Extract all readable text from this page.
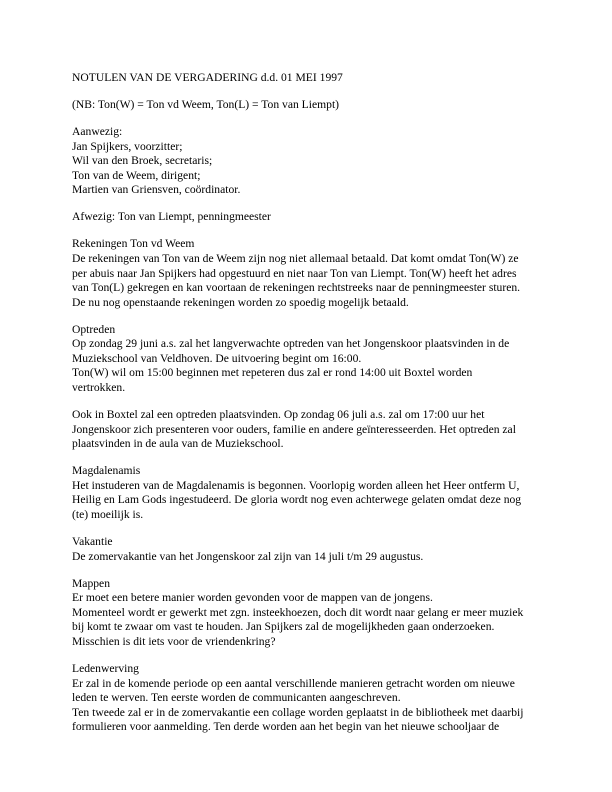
NOTULEN VAN DE VERGADERING d.d. 01 MEI 1997
(NB: Ton(W) = Ton vd Weem, Ton(L) = Ton van Liempt)
Aanwezig:
Jan Spijkers, voorzitter;
Wil van den Broek, secretaris;
Ton van de Weem, dirigent;
Martien van Griensven, coördinator.
Afwezig: Ton van Liempt, penningmeester
Rekeningen Ton vd Weem
De rekeningen van Ton van de Weem zijn nog niet allemaal betaald. Dat komt omdat Ton(W) ze
per abuis naar Jan Spijkers had opgestuurd en niet naar Ton van Liempt. Ton(W) heeft het adres
van Ton(L) gekregen en kan voortaan de rekeningen rechtstreeks naar de penningmeester sturen.
De nu nog openstaande rekeningen worden zo spoedig mogelijk betaald.
Optreden
Op zondag 29 juni a.s. zal het langverwachte optreden van het Jongenskoor plaatsvinden in de
Muziekschool van Veldhoven. De uitvoering begint om 16:00.
Ton(W) wil om 15:00 beginnen met repeteren dus zal er rond 14:00 uit Boxtel worden
vertrokken.
Ook in Boxtel zal een optreden plaatsvinden. Op zondag 06 juli a.s. zal om 17:00 uur het
Jongenskoor zich presenteren voor ouders, familie en andere geïnteresseerden. Het optreden zal
plaatsvinden in de aula van de Muziekschool.
Magdalenamis
Het instuderen van de Magdalenamis is begonnen. Voorlopig worden alleen het Heer ontferm U,
Heilig en Lam Gods ingestudeerd. De gloria wordt nog even achterwege gelaten omdat deze nog
(te) moeilijk is.
Vakantie
De zomervakantie van het Jongenskoor zal zijn van 14 juli t/m 29 augustus.
Mappen
Er moet een betere manier worden gevonden voor de mappen van de jongens.
Momenteel wordt er gewerkt met zgn. insteekhoezen, doch dit wordt naar gelang er meer muziek
bij komt te zwaar om vast te houden. Jan Spijkers zal de mogelijkheden gaan onderzoeken.
Misschien is dit iets voor de vriendenkring?
Ledenwerving
Er zal in de komende periode op een aantal verschillende manieren getracht worden om nieuwe
leden te werven. Ten eerste worden de communicanten aangeschreven.
Ten tweede zal er in de zomervakantie een collage worden geplaatst in de bibliotheek met daarbij
formulieren voor aanmelding. Ten derde worden aan het begin van het nieuwe schooljaar de
